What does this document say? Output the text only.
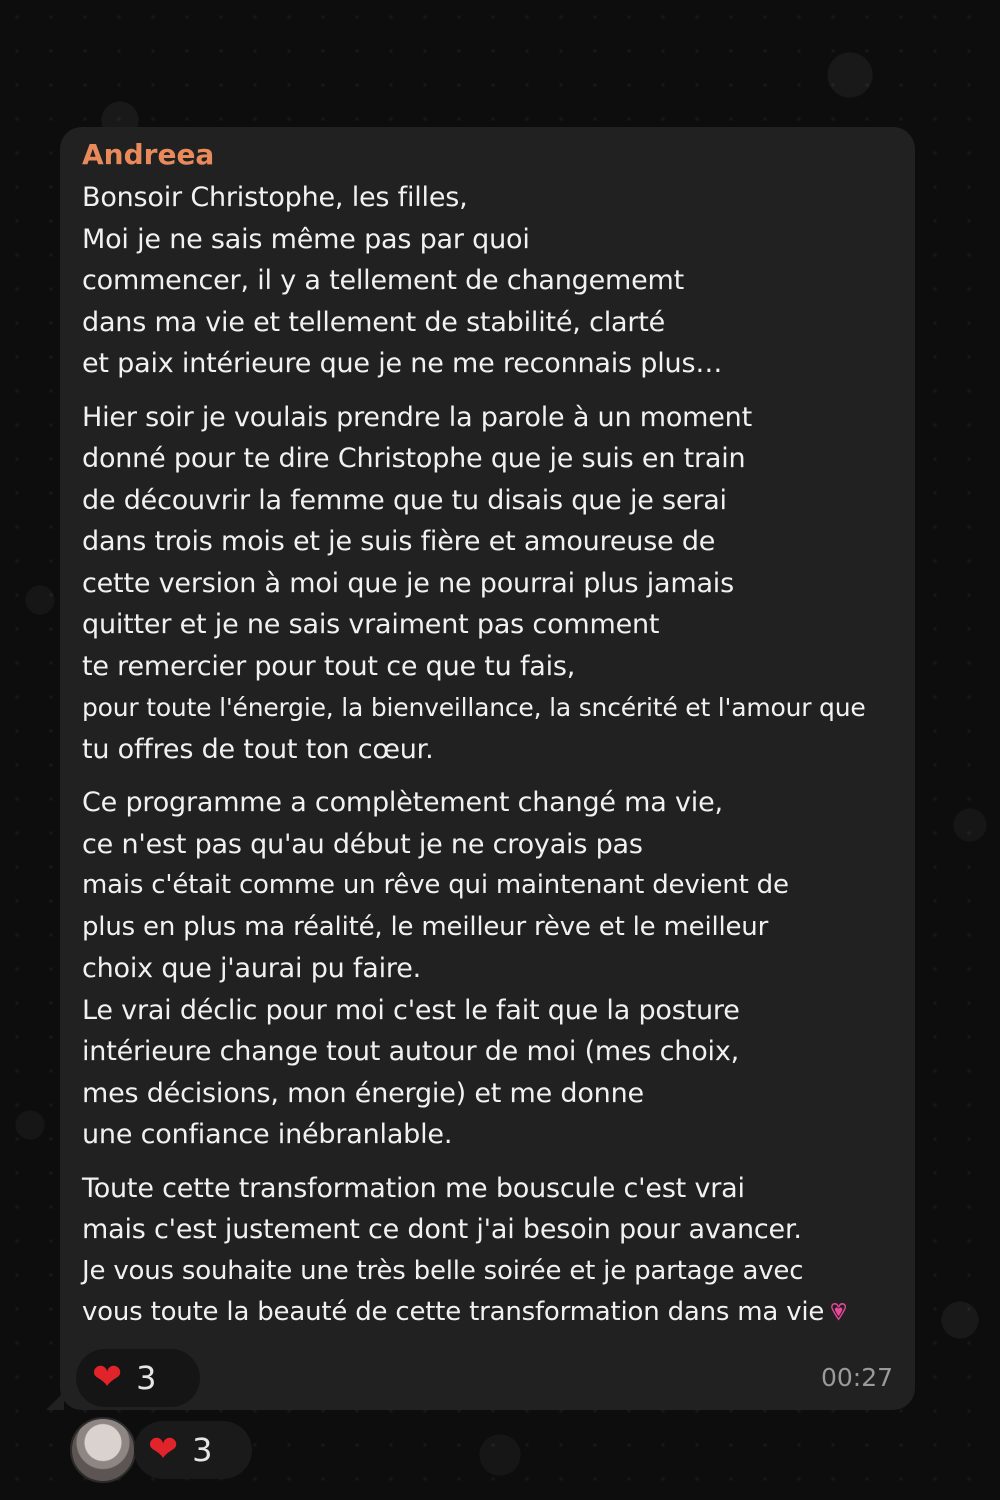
Andreea

Bonsoir Christophe, les filles,
Moi je ne sais même pas par quoi
commencer, il y a tellement de changememt
dans ma vie et tellement de stabilité, clarté
et paix intérieure que je ne me reconnais plus…

Hier soir je voulais prendre la parole à un moment
donné pour te dire Christophe que je suis en train
de découvrir la femme que tu disais que je serai
dans trois mois et je suis fière et amoureuse de
cette version à moi que je ne pourrai plus jamais
quitter et je ne sais vraiment pas comment
te remercier pour tout ce que tu fais,
pour toute l'énergie, la bienveillance, la sncérité et l'amour que
tu offres de tout ton cœur.

Ce programme a complètement changé ma vie,
ce n'est pas qu'au début je ne croyais pas
mais c'était comme un rêve qui maintenant devient de
plus en plus ma réalité, le meilleur rève et le meilleur
choix que j'aurai pu faire.
Le vrai déclic pour moi c'est le fait que la posture
intérieure change tout autour de moi (mes choix,
mes décisions, mon énergie) et me donne
une confiance inébranlable.

Toute cette transformation me bouscule c'est vrai
mais c'est justement ce dont j'ai besoin pour avancer.
Je vous souhaite une très belle soirée et je partage avec
vous toute la beauté de cette transformation dans ma vie 💗︎

❤︎ 3	00:27
❤︎ 3
